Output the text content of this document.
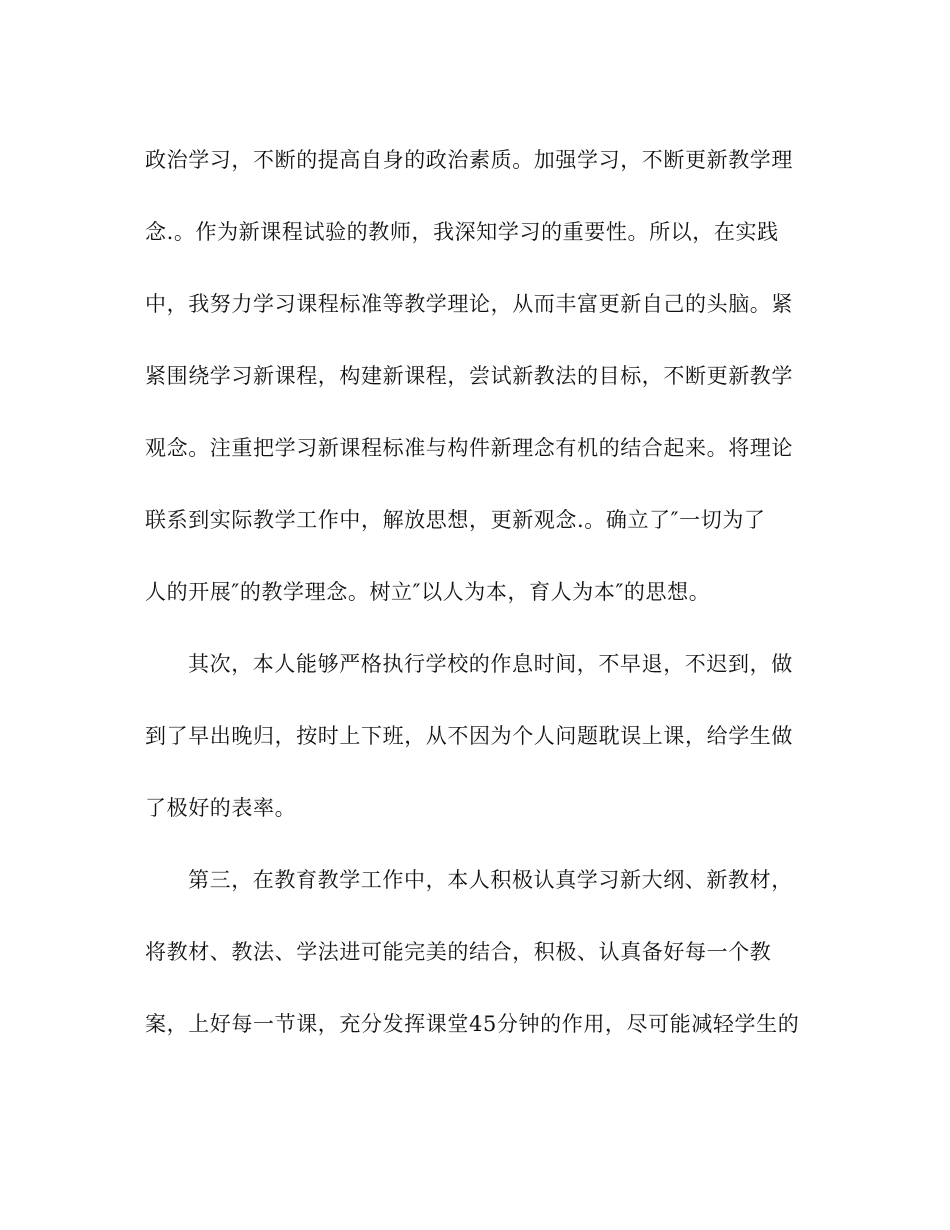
政治学习，不断的提高自身的政治素质。加强学习，不断更新教学理
念.。作为新课程试验的教师，我深知学习的重要性。所以，在实践
中，我努力学习课程标准等教学理论，从而丰富更新自己的头脑。紧
紧围绕学习新课程，构建新课程，尝试新教法的目标，不断更新教学
观念。注重把学习新课程标准与构件新理念有机的结合起来。将理论
联系到实际教学工作中，解放思想，更新观念.。确立了″一切为了
人的开展″的教学理念。树立″以人为本，育人为本″的思想。
其次，本人能够严格执行学校的作息时间，不早退，不迟到，做
到了早出晚归，按时上下班，从不因为个人问题耽误上课，给学生做
了极好的表率。
第三，在教育教学工作中，本人积极认真学习新大纲、新教材，
将教材、教法、学法进可能完美的结合，积极、认真备好每一个教
案，上好每一节课，充分发挥课堂45分钟的作用，尽可能减轻学生的
